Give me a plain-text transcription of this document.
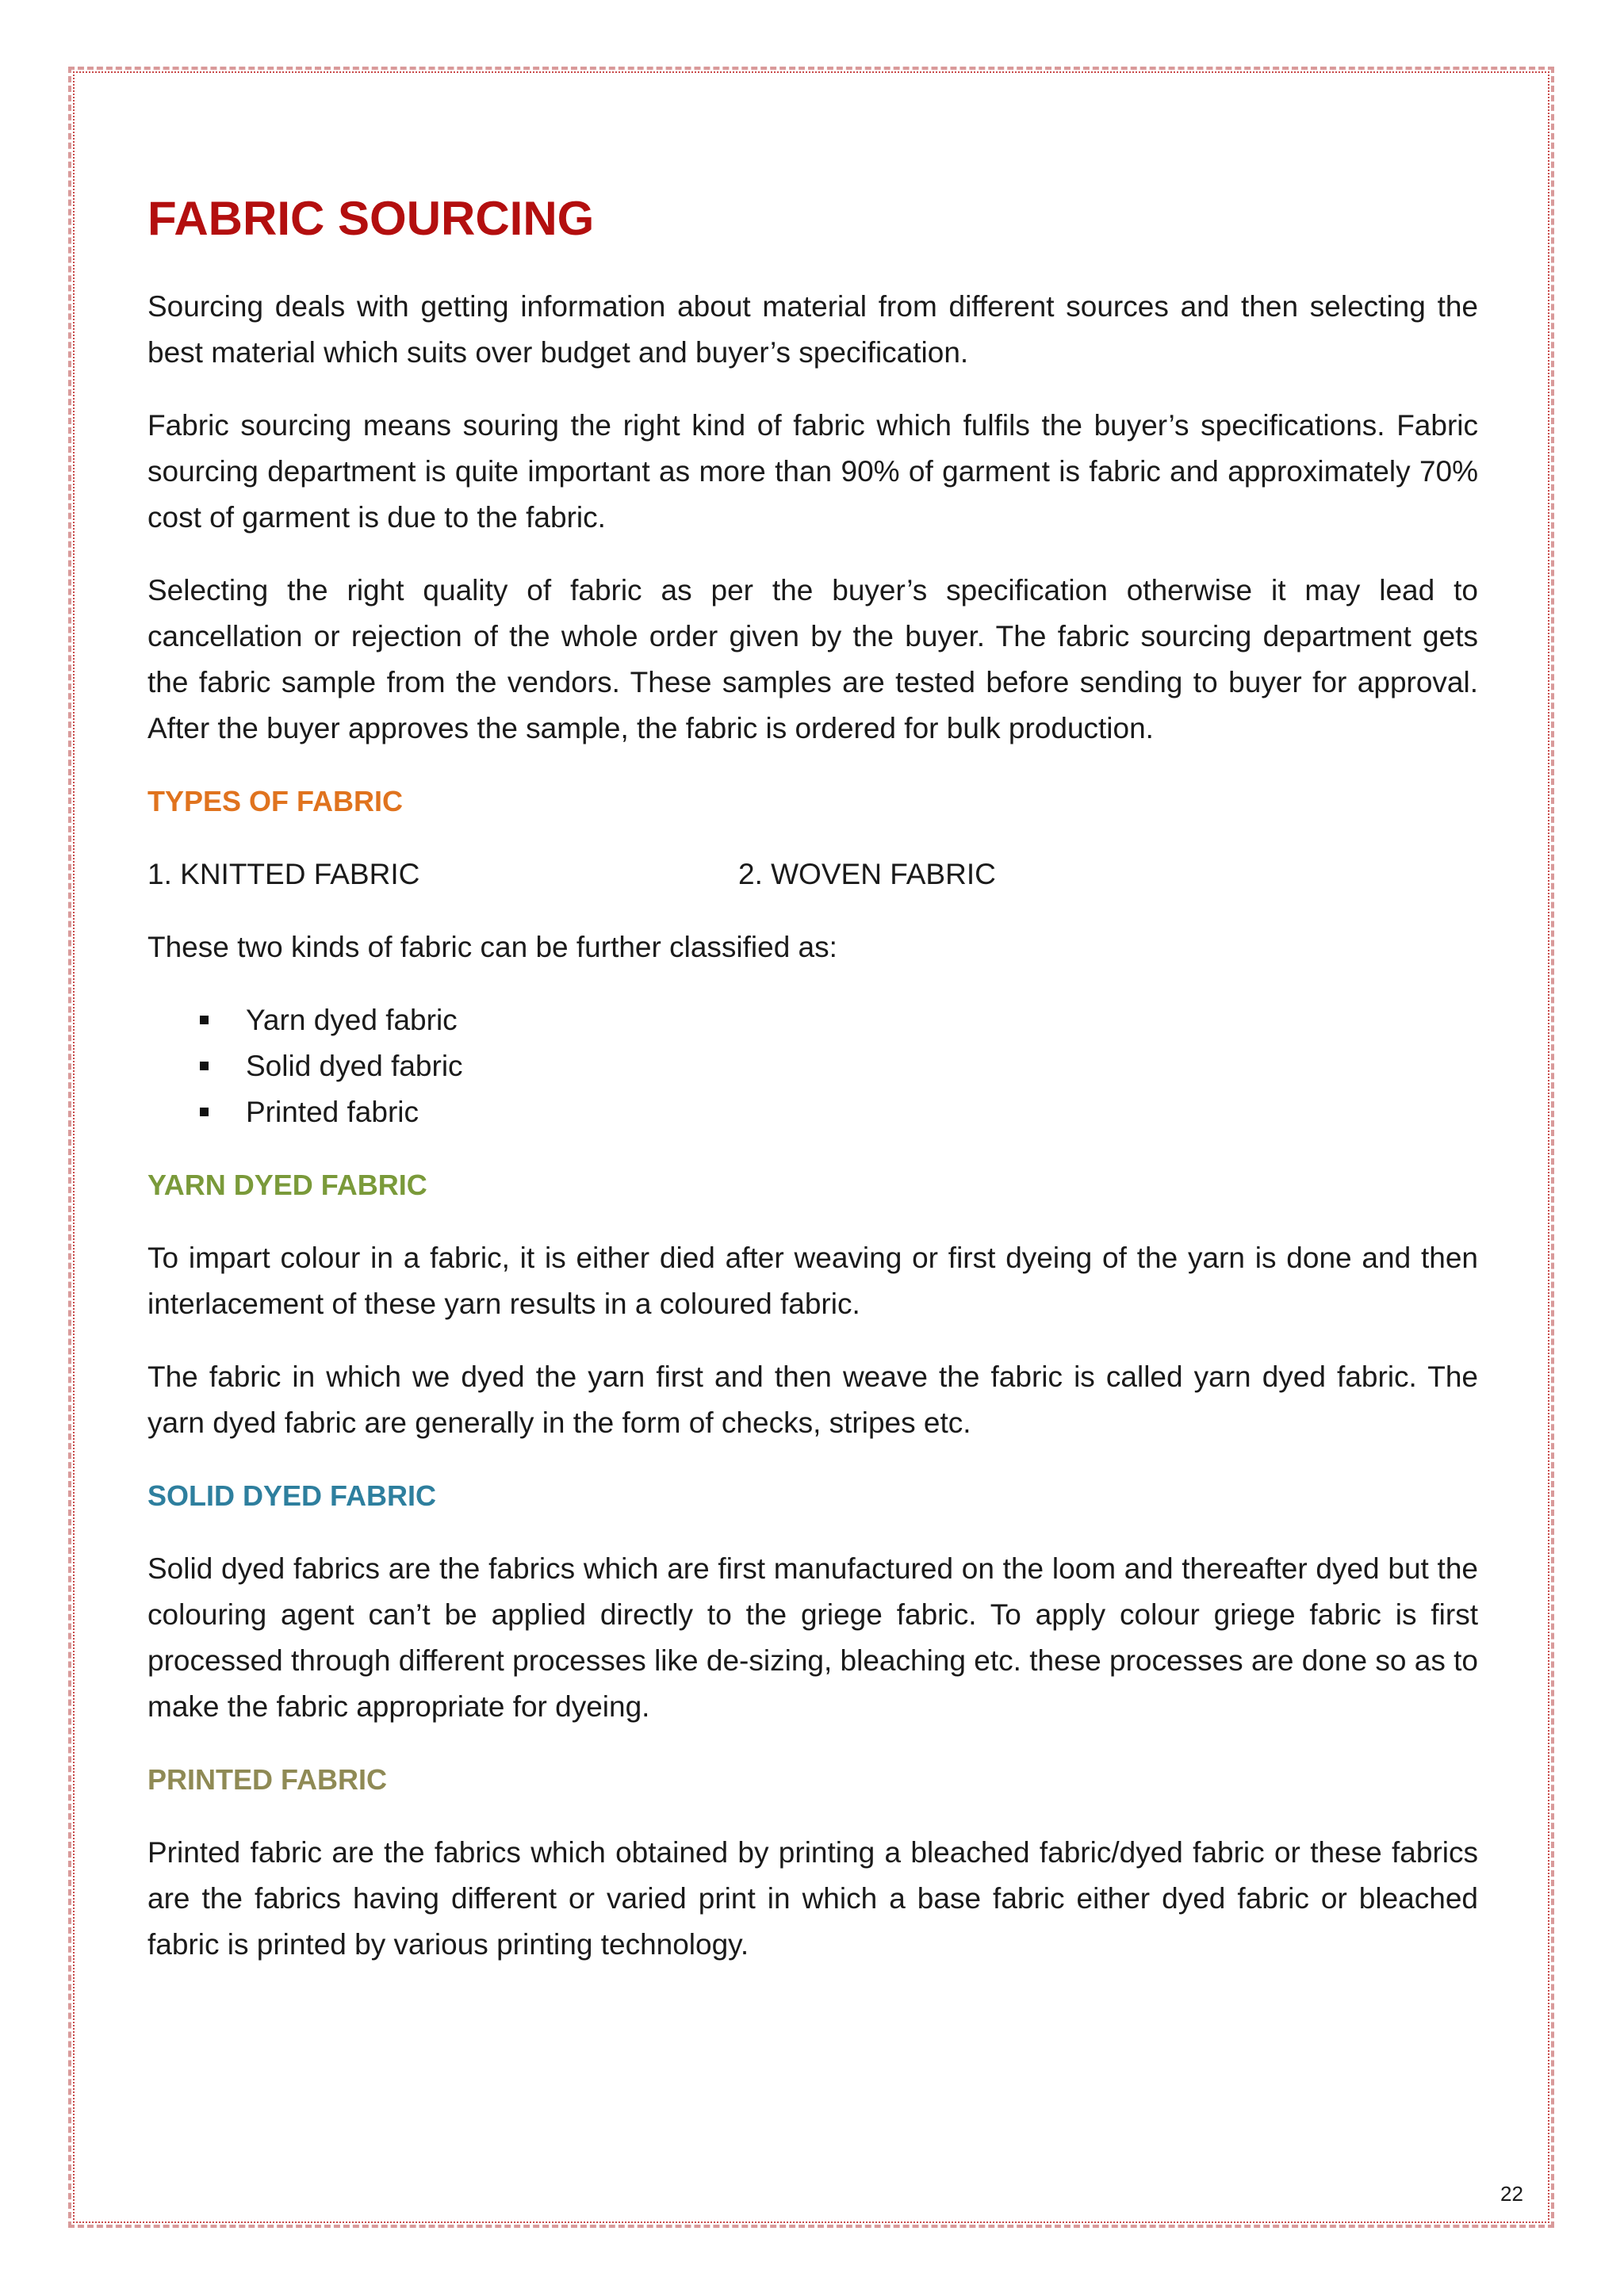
FABRIC SOURCING

Sourcing deals with getting information about material from different sources and then selecting the best material which suits over budget and buyer’s specification.

Fabric sourcing means souring the right kind of fabric which fulfils the buyer’s specifications. Fabric sourcing department is quite important as more than 90% of garment is fabric and approximately 70% cost of garment is due to the fabric.

Selecting the right quality of fabric as per the buyer’s specification otherwise it may lead to cancellation or rejection of the whole order given by the buyer. The fabric sourcing department gets the fabric sample from the vendors. These samples are tested before sending to buyer for approval. After the buyer approves the sample, the fabric is ordered for bulk production.

TYPES OF FABRIC
1. KNITTED FABRIC	2. WOVEN FABRIC

These two kinds of fabric can be further classified as:

Yarn dyed fabric
Solid dyed fabric
Printed fabric
YARN DYED FABRIC

To impart colour in a fabric, it is either died after weaving or first dyeing of the yarn is done and then interlacement of these yarn results in a coloured fabric.

The fabric in which we dyed the yarn first and then weave the fabric is called yarn dyed fabric. The yarn dyed fabric are generally in the form of checks, stripes etc.

SOLID DYED FABRIC

Solid dyed fabrics are the fabrics which are first manufactured on the loom and thereafter dyed but the colouring agent can’t be applied directly to the griege fabric. To apply colour griege fabric is first processed through different processes like de-sizing, bleaching etc. these processes are done so as to make the fabric appropriate for dyeing.

PRINTED FABRIC

Printed fabric are the fabrics which obtained by printing a bleached fabric/dyed fabric or these fabrics are the fabrics having different or varied print in which a base fabric either dyed fabric or bleached fabric is printed by various printing technology.

22
